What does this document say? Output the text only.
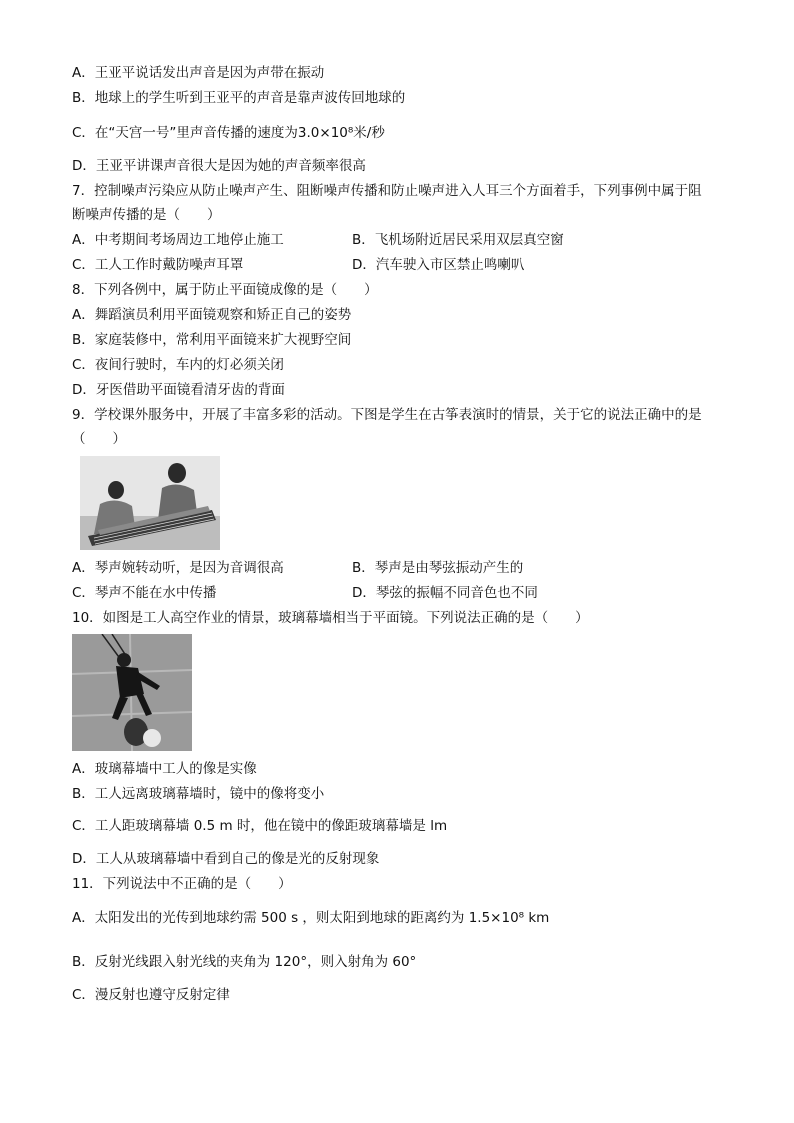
A．王亚平说话发出声音是因为声带在振动
B．地球上的学生听到王亚平的声音是靠声波传回地球的
C．在“天宫一号”里声音传播的速度为3.0×10⁸米/秒
D．王亚平讲课声音很大是因为她的声音频率很高
7．控制噪声污染应从防止噪声产生、阻断噪声传播和防止噪声进入人耳三个方面着手，下列事例中属于阻
断噪声传播的是（　　）
A．中考期间考场周边工地停止施工	B．飞机场附近居民采用双层真空窗
C．工人工作时戴防噪声耳罩	D．汽车驶入市区禁止鸣喇叭
8．下列各例中，属于防止平面镜成像的是（　　）
A．舞蹈演员利用平面镜观察和矫正自己的姿势
B．家庭装修中，常利用平面镜来扩大视野空间
C．夜间行驶时，车内的灯必须关闭
D．牙医借助平面镜看清牙齿的背面
9．学校课外服务中，开展了丰富多彩的活动。下图是学生在古筝表演时的情景，关于它的说法正确中的是
（　　）
A．琴声婉转动听，是因为音调很高	B．琴声是由琴弦振动产生的
C．琴声不能在水中传播	D．琴弦的振幅不同音色也不同
10．如图是工人高空作业的情景，玻璃幕墙相当于平面镜。下列说法正确的是（　　）
A．玻璃幕墙中工人的像是实像
B．工人远离玻璃幕墙时，镜中的像将变小
C．工人距玻璃幕墙 0.5 m 时，他在镜中的像距玻璃幕墙是 lm
D．工人从玻璃幕墙中看到自己的像是光的反射现象
11．下列说法中不正确的是（　　）
A．太阳发出的光传到地球约需 500 s ，则太阳到地球的距离约为 1.5×10⁸ km
B．反射光线跟入射光线的夹角为 120°，则入射角为 60°
C．漫反射也遵守反射定律
